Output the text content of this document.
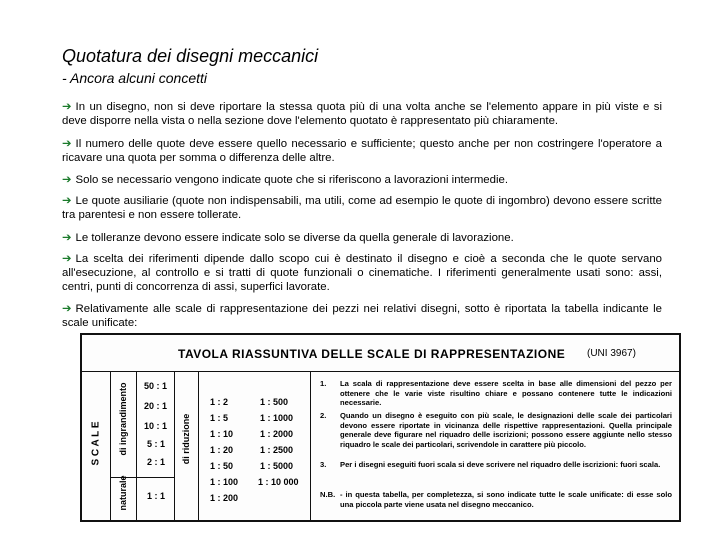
Quotatura dei disegni meccanici
- Ancora alcuni concetti
➔ In un disegno, non si deve riportare la stessa quota più di una volta anche se l'elemento appare in più viste e si deve disporre nella vista o nella sezione dove l'elemento quotato è rappresentato più chiaramente.
➔ Il numero delle quote deve essere quello necessario e sufficiente; questo anche per non costringere l'operatore a ricavare una quota per somma o differenza delle altre.
➔ Solo se necessario vengono indicate quote che si riferiscono a lavorazioni intermedie.
➔ Le quote ausiliarie (quote non indispensabili, ma utili, come ad esempio le quote di ingombro) devono essere scritte tra parentesi e non essere tollerate.
➔ Le tolleranze devono essere indicate solo se diverse da quella generale di lavorazione.
➔ La scelta dei riferimenti dipende dallo scopo cui è destinato il disegno e cioè a seconda che le quote servano all'esecuzione, al controllo e si tratti di quote funzionali o cinematiche. I riferimenti generalmente usati sono: assi, centri, punti di concorrenza di assi, superfici lavorate.
➔ Relativamente alle scale di rappresentazione dei pezzi nei relativi disegni, sotto è riportata la tabella indicante le scale unificate:
TAVOLA RIASSUNTIVA DELLE SCALE DI RAPPRESENTAZIONE (UNI 3967)
S C A L E di ingrandimento
naturale
di riduzione
50 : 1
20 : 1
10 : 1
5 : 1
2 : 1
1 : 1
1 : 2
1 : 5
1 : 10
1 : 20
1 : 50
1 : 100
1 : 200
1 : 500
1 : 1000
1 : 2000
1 : 2500
1 : 5000
1 : 10 000
1. La scala di rappresentazione deve essere scelta in base alle dimensioni del pezzo per ottenere che le varie viste risultino chiare e possano contenere tutte le indicazioni necessarie.
2. Quando un disegno è eseguito con più scale, le designazioni delle scale dei particolari devono essere riportate in vicinanza delle rispettive rappresentazioni. Quella principale generale deve figurare nel riquadro delle iscrizioni; possono essere aggiunte nello stesso riquadro le scale dei particolari, scrivendole in carattere più piccolo.
3. Per i disegni eseguiti fuori scala si deve scrivere nel riquadro delle iscrizioni: fuori scala.
N.B. - in questa tabella, per completezza, si sono indicate tutte le scale unificate: di esse solo una piccola parte viene usata nel disegno meccanico.
